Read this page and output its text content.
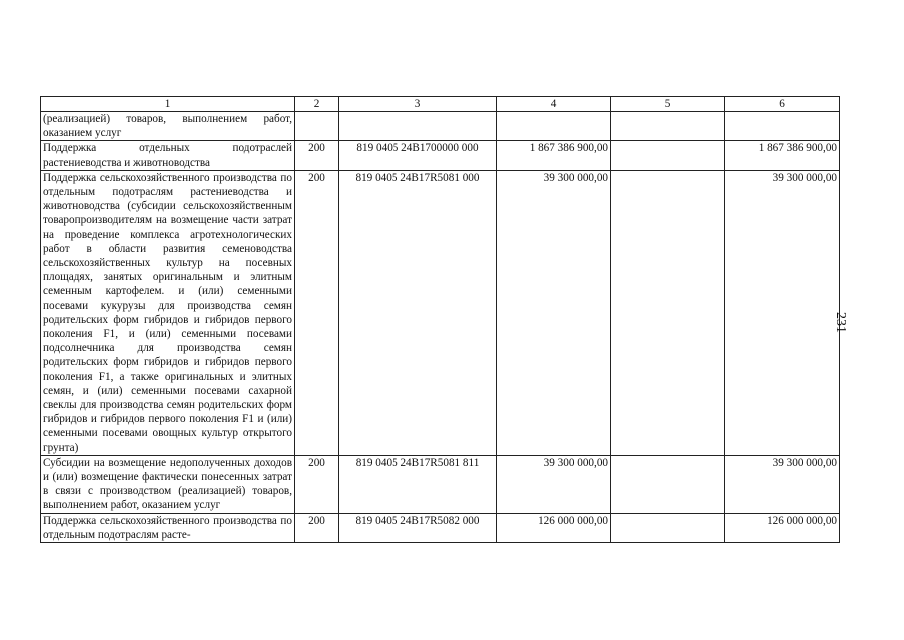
1	2	3	4	5	6
(реализацией) товаров, выполнением работ, оказанием услуг					
Поддержка отдельных подотраслей растениеводства и животноводства	200	819 0405 24В1700000 000	1 867 386 900,00		1 867 386 900,00
Поддержка сельскохозяйственного производства по отдельным подотраслям растениеводства и животноводства (субсидии сельскохозяйственным товаропроизводителям на возмещение части затрат на проведение комплекса агротехнологических работ в области развития семеноводства сельскохозяйственных культур на посевных площадях, занятых оригинальным и элитным семенным картофелем. и (или) семенными посевами кукурузы для производства семян родительских форм гибридов и гибридов первого поколения F1, и (или) семенными посевами подсолнечника для производства семян родительских форм гибридов и гибридов первого поколения F1, а также оригинальных и элитных семян, и (или) семенными посевами сахарной свеклы для производства семян родительских форм гибридов и гибридов первого поколения F1 и (или) семенными посевами овощных культур открытого грунта)	200	819 0405 24В17R5081 000	39 300 000,00		39 300 000,00
Субсидии на возмещение недополученных доходов и (или) возмещение фактически понесенных затрат в связи с производством (реализацией) товаров, выполнением работ, оказанием услуг	200	819 0405 24В17R5081 811	39 300 000,00		39 300 000,00
Поддержка сельскохозяйственного производства по отдельным подотраслям расте-	200	819 0405 24В17R5082 000	126 000 000,00		126 000 000,00
231
